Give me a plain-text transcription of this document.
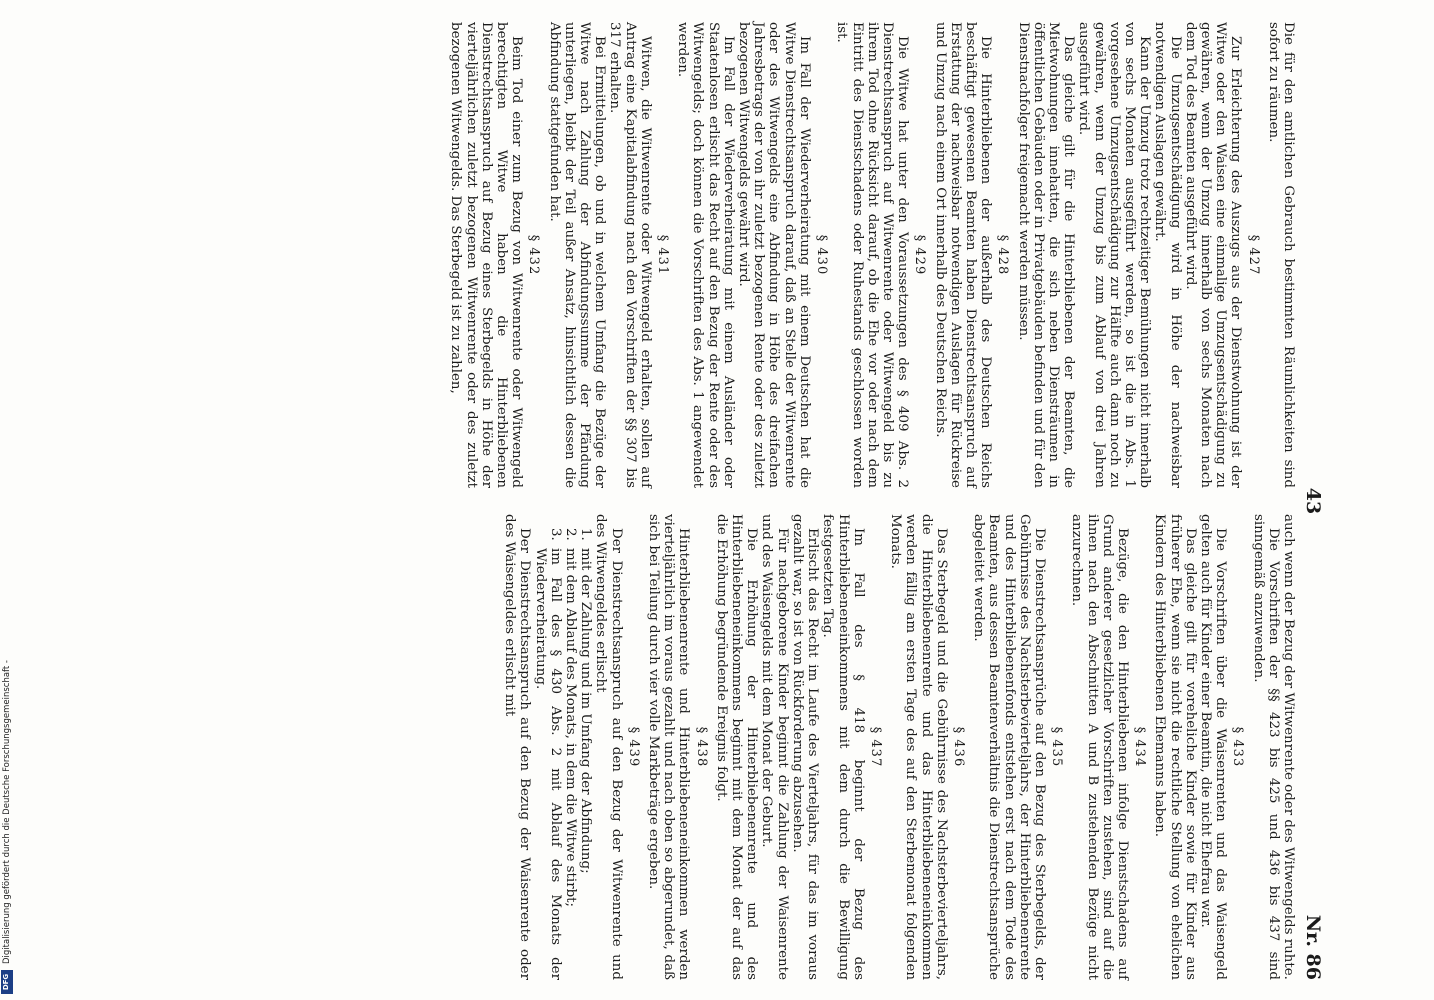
43
Nr. 86

Die für den amtlichen Gebrauch bestimmten Räumlichkeiten sind sofort zu räumen.

§ 427

Zur Erleichterung des Auszugs aus der Dienstwohnung ist der Witwe oder den Waisen eine einmalige Umzugsentschädigung zu gewähren, wenn der Umzug innerhalb von sechs Monaten nach dem Tod des Beamten ausgeführt wird.

Die Umzugsentschädigung wird in Höhe der nachweisbar notwendigen Auslagen gewährt.

Kann der Umzug trotz rechtzeitiger Bemühungen nicht innerhalb von sechs Monaten ausgeführt werden, so ist die in Abs. 1 vorgesehene Umzugsentschädigung zur Hälfte auch dann noch zu gewähren, wenn der Umzug bis zum Ablauf von drei Jahren ausgeführt wird.

Das gleiche gilt für die Hinterbliebenen der Beamten, die Mietwohnungen innehatten, die sich neben Diensträumen in öffentlichen Gebäuden oder in Privatgebäuden befinden und für den Dienstnachfolger freigemacht werden müssen.

§ 428

Die Hinterbliebenen der außerhalb des Deutschen Reichs beschäftigt gewesenen Beamten haben Dienstrechtsanspruch auf Erstattung der nachweisbar notwendigen Auslagen für Rückreise und Umzug nach einem Ort innerhalb des Deutschen Reichs.

§ 429

Die Witwe hat unter den Voraussetzungen des § 409 Abs. 2 Dienstrechtsanspruch auf Witwenrente oder Witwengeld bis zu ihrem Tod ohne Rücksicht darauf, ob die Ehe vor oder nach dem Eintritt des Dienstschadens oder Ruhestands geschlossen worden ist.

§ 430

Im Fall der Wiederverheiratung mit einem Deutschen hat die Witwe Dienstrechtsanspruch darauf, daß an Stelle der Witwenrente oder des Witwengelds eine Abfindung in Höhe des dreifachen Jahresbetrags der von ihr zuletzt bezogenen Rente oder des zuletzt bezogenen Witwengelds gewährt wird.

Im Fall der Wiederverheiratung mit einem Ausländer oder Staatenlosen erlischt das Recht auf den Bezug der Rente oder des Witwengelds; doch können die Vorschriften des Abs. 1 angewendet werden.

§ 431

Witwen, die Witwenrente oder Witwengeld erhalten, sollen auf Antrag eine Kapitalabfindung nach den Vorschriften der §§ 307 bis 317 erhalten.

Bei Ermittelungen, ob und in welchem Umfang die Bezüge der Witwe nach Zahlung der Abfindungssumme der Pfändung unterliegen, bleibt der Teil außer Ansatz, hinsichtlich dessen die Abfindung stattgefunden hat.

§ 432

Beim Tod einer zum Bezug von Witwenrente oder Witwengeld berechtigten Witwe haben die Hinterbliebenen Dienstrechtsanspruch auf Bezug eines Sterbegelds in Höhe der vierteljährlichen zuletzt bezogenen Witwenrente oder des zuletzt bezogenen Witwengelds. Das Sterbegeld ist zu zahlen,

auch wenn der Bezug der Witwenrente oder des Witwengelds ruhte.

Die Vorschriften der §§ 423 bis 425 und 436 bis 437 sind sinngemäß anzuwenden.

§ 433

Die Vorschriften über die Waisenrenten und das Waisengeld gelten auch für Kinder einer Beamtin, die nicht Ehefrau war.

Das gleiche gilt für voreheliche Kinder sowie für Kinder aus früherer Ehe, wenn sie nicht die rechtliche Stellung von ehelichen Kindern des Hinterbliebenen Ehemanns haben.

§ 434

Bezüge, die den Hinterbliebenen infolge Dienstschadens auf Grund anderer gesetzlicher Vorschriften zustehen, sind auf die ihnen nach den Abschnitten A und B zustehenden Bezüge nicht anzurechnen.

§ 435

Die Dienstrechtsansprüche auf den Bezug des Sterbegelds, der Gebührnisse des Nachsterbevierteljahrs, der Hinterbliebenenrente und des Hinterbliebenenfonds entstehen erst nach dem Tode des Beamten, aus dessen Beamtenverhältnis die Dienstrechtsansprüche abgeleitet werden.

§ 436

Das Sterbegeld und die Gebührnisse des Nachsterbevierteljahrs, die Hinterbliebenenrente und das Hinterbliebeneneinkommen werden fällig am ersten Tage des auf den Sterbemonat folgenden Monats.

§ 437

Im Fall des § 418 beginnt der Bezug des Hinterbliebeneneinkommens mit dem durch die Bewilligung festgesetzten Tag.

Erlischt das Recht im Laufe des Vierteljahrs, für das im voraus gezahlt war, so ist von Rückforderung abzusehen.

Für nachgeborene Kinder beginnt die Zahlung der Waisenrente und des Waisengelds mit dem Monat der Geburt.

Die Erhöhung der Hinterbliebenenrente und des Hinterbliebeneneinkommens beginnt mit dem Monat der auf das die Erhöhung begründende Ereignis folgt.

§ 438

Hinterbliebenenrente und Hinterbliebeneneinkommen werden vierteljährlich im voraus gezahlt und nach oben so abgerundet, daß sich bei Teilung durch vier volle Markbeträge ergeben.

§ 439

Der Dienstrechtsanspruch auf den Bezug der Witwenrente und des Witwengeldes erlischt

1.
mit der Zahlung und im Umfang der Abfindung;
2.
mit dem Ablauf des Monats, in dem die Witwe stirbt;
3.
im Fall des § 430 Abs. 2 mit Ablauf des Monats der Wiederverheiratung.

Der Dienstrechtsanspruch auf den Bezug der Waisenrente oder des Waisengeldes erlischt mit

Digitalisierung gefördert durch die Deutsche Forschungsgemeinschaft -
DFG
